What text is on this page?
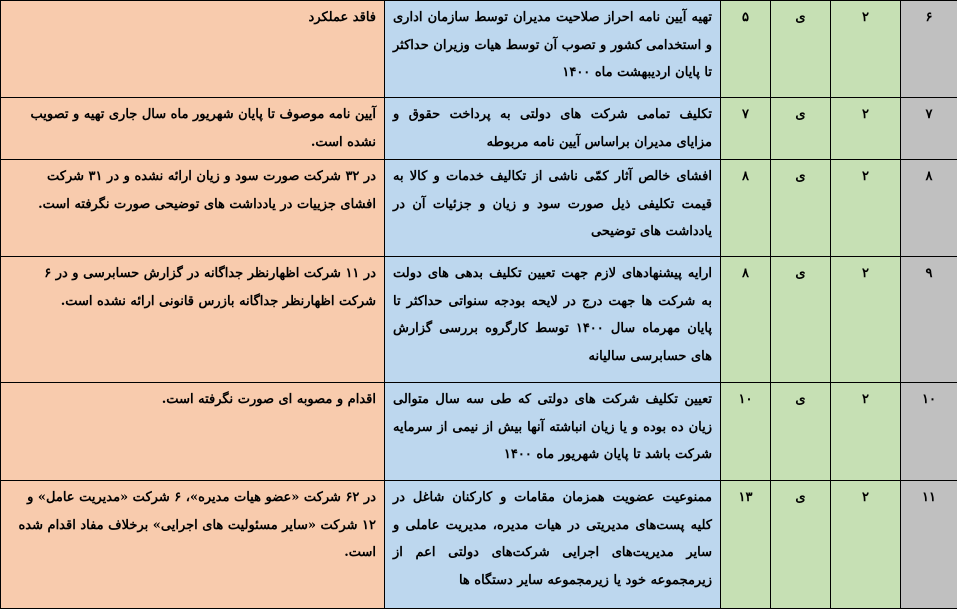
۶	۲	ی	۵	تهیه آیین نامه احراز صلاحیت مدیران توسط سازمان اداری و استخدامی کشور و تصوب آن توسط هیات وزیران حداکثر تا پایان اردیبهشت ماه ۱۴۰۰	فاقد عملکرد
۷	۲	ی	۷	تکلیف تمامی شرکت های دولتی به پرداخت حقوق و مزایای مدیران براساس آیین نامه مربوطه	آیین نامه موصوف تا پایان شهریور ماه سال جاری تهیه و تصویب نشده است.
۸	۲	ی	۸	افشای خالص آثار کمّی ناشی از تکالیف خدمات و کالا به قیمت تکلیفی ذیل صورت سود و زیان و جزئیات آن در یادداشت های توضیحی	در ۳۲ شرکت صورت سود و زیان ارائه نشده و در ۳۱ شرکت افشای جزییات در یادداشت های توضیحی صورت نگرفته است.
۹	۲	ی	۸	ارایه پیشنهادهای لازم جهت تعیین تکلیف بدهی های دولت به شرکت ها جهت درج در لایحه بودجه سنواتی حداکثر تا پایان مهرماه سال ۱۴۰۰ توسط کارگروه بررسی گزارش های حسابرسی سالیانه	در ۱۱ شرکت اظهارنظر جداگانه در گزارش حسابرسی و در ۶ شرکت اظهارنظر جداگانه بازرس قانونی ارائه نشده است.
۱۰	۲	ی	۱۰	تعیین تکلیف شرکت های دولتی که طی سه سال متوالی زیان ده بوده و یا زیان انباشته آنها بیش از نیمی از سرمایه شرکت باشد تا پایان شهریور ماه ۱۴۰۰	اقدام و مصوبه ای صورت نگرفته است.
۱۱	۲	ی	۱۳	ممنوعیت عضویت همزمان مقامات و کارکنان شاغل در کلیه پست‌های مدیریتی در هیات مدیره، مدیریت عاملی و سایر مدیریت‌های اجرایی شرکت‌های دولتی اعم از زیرمجموعه خود یا زیرمجموعه سایر دستگاه ها	در ۶۲ شرکت «عضو هیات مدیره»، ۶ شرکت «مدیریت عامل» و ۱۲ شرکت «سایر مسئولیت های اجرایی» برخلاف مفاد اقدام شده است.
